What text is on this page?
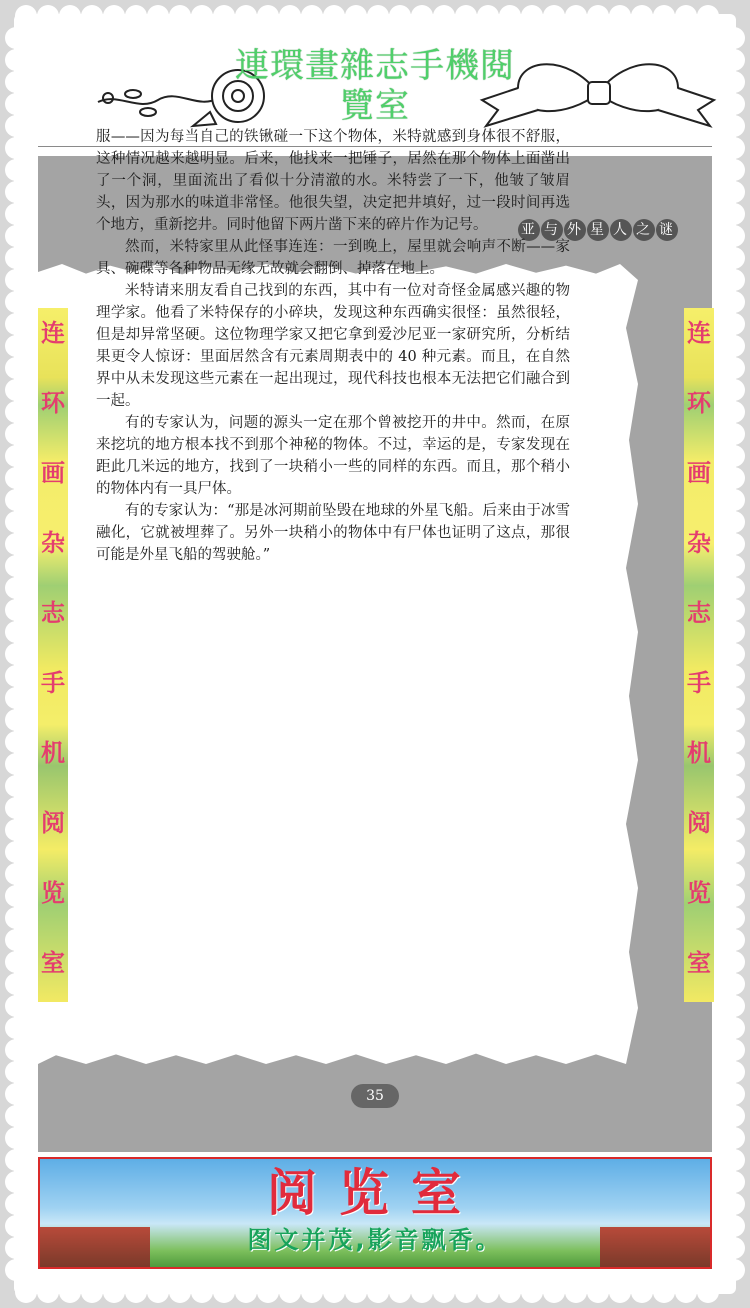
連環畫雜志手機閱
覽室
亚 与 外 星 人 之 谜
35

服——因为每当自己的铁锹碰一下这个物体，米特就感到身体很不舒服，这种情况越来越明显。后来，他找来一把锤子，居然在那个物体上面凿出了一个洞，里面流出了看似十分清澈的水。米特尝了一下，他皱了皱眉头，因为那水的味道非常怪。他很失望，决定把井填好，过一段时间再选个地方，重新挖井。同时他留下两片凿下来的碎片作为记号。

然而，米特家里从此怪事连连：一到晚上，屋里就会响声不断——家具、碗碟等各种物品无缘无故就会翻倒、掉落在地上。

米特请来朋友看自己找到的东西，其中有一位对奇怪金属感兴趣的物理学家。他看了米特保存的小碎块，发现这种东西确实很怪：虽然很轻，但是却异常坚硬。这位物理学家又把它拿到爱沙尼亚一家研究所，分析结果更令人惊讶：里面居然含有元素周期表中的 40 种元素。而且，在自然界中从未发现这些元素在一起出现过，现代科技也根本无法把它们融合到一起。

有的专家认为，问题的源头一定在那个曾被挖开的井中。然而，在原来挖坑的地方根本找不到那个神秘的物体。不过，幸运的是，专家发现在距此几米远的地方，找到了一块稍小一些的同样的东西。而且，那个稍小的物体内有一具尸体。

有的专家认为：“那是冰河期前坠毁在地球的外星飞船。后来由于冰雪融化，它就被埋葬了。另外一块稍小的物体中有尸体也证明了这点，那很可能是外星飞船的驾驶舱。”

连
环
画
杂
志
手
机
阅
览
室
连
环
画
杂
志
手
机
阅
览
室
阅览室
图文并茂,影音飘香。
